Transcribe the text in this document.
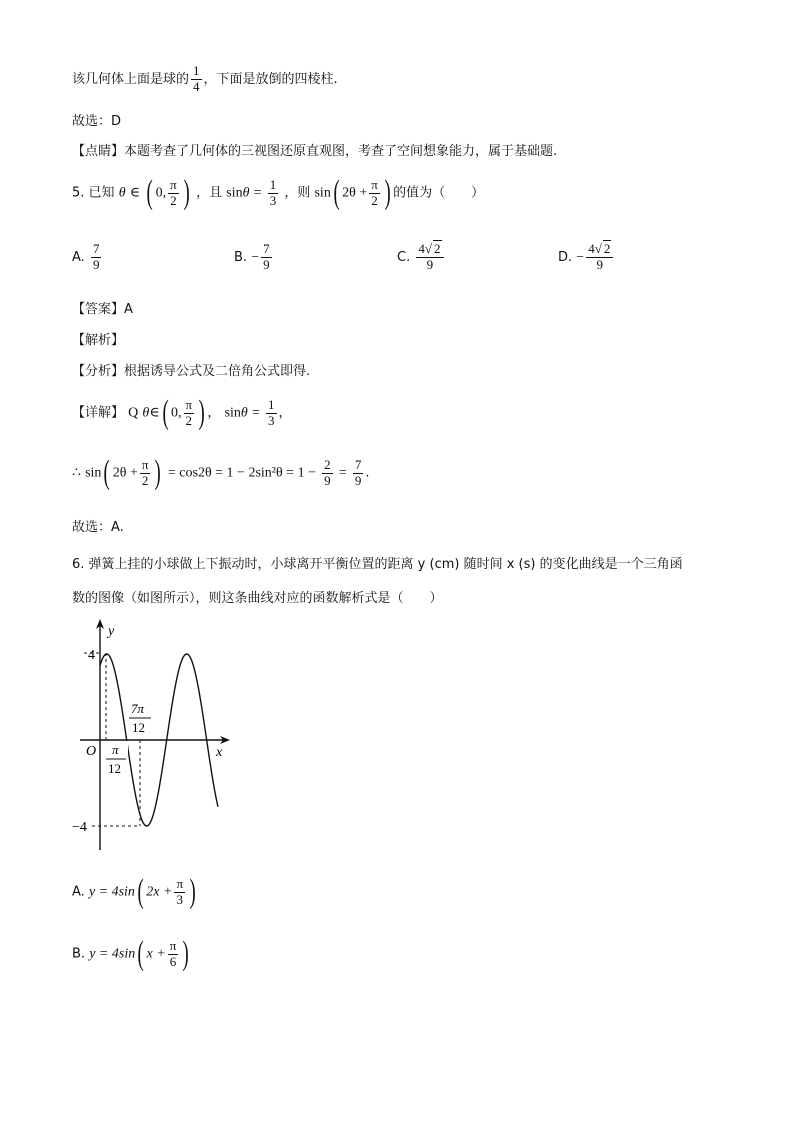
该几何体上面是球的 $\frac{1}{4}$ ，下面是放倒的四棱柱.
故选：D
【点睛】本题考查了几何体的三视图还原直观图，考查了空间想象能力，属于基础题.
5. 已知 θ ∈ ( 0, $\frac{\pi}{2}$ ) ，且 $\sin\theta = \frac{1}{3}$ ，则 sin( $2\theta + \frac{\pi}{2}$ ) 的值为（　　）
A. $\frac{7}{9}$	B. − $\frac{7}{9}$	C. $\frac{4√ 2}{9}$	D. − $\frac{4√ 2}{9}$
【答案】A
【解析】
【分析】根据诱导公式及二倍角公式即得.
【详解】 Q θ∈( 0, $\frac{\pi}{2}$ ) ， $\sin\theta = \frac{1}{3}$ ，
∴ sin( $2\theta + \frac{\pi}{2}$ ) = $\cos 2\theta = 1 - 2\sin^2\theta = 1 - \frac{2}{9} = \frac{7}{9}$ .
故选：A.
6. 弹簧上挂的小球做上下振动时，小球离开平衡位置的距离 y (cm) 随时间 x (s) 的变化曲线是一个三角函
数的图像（如图所示），则这条曲线对应的函数解析式是（　　）
y
x
O
4
−4
π
12
7π
12
A. y = 4sin( $2x + \frac{\pi}{3}$ )
B. y = 4sin( $x + \frac{\pi}{6}$ )
